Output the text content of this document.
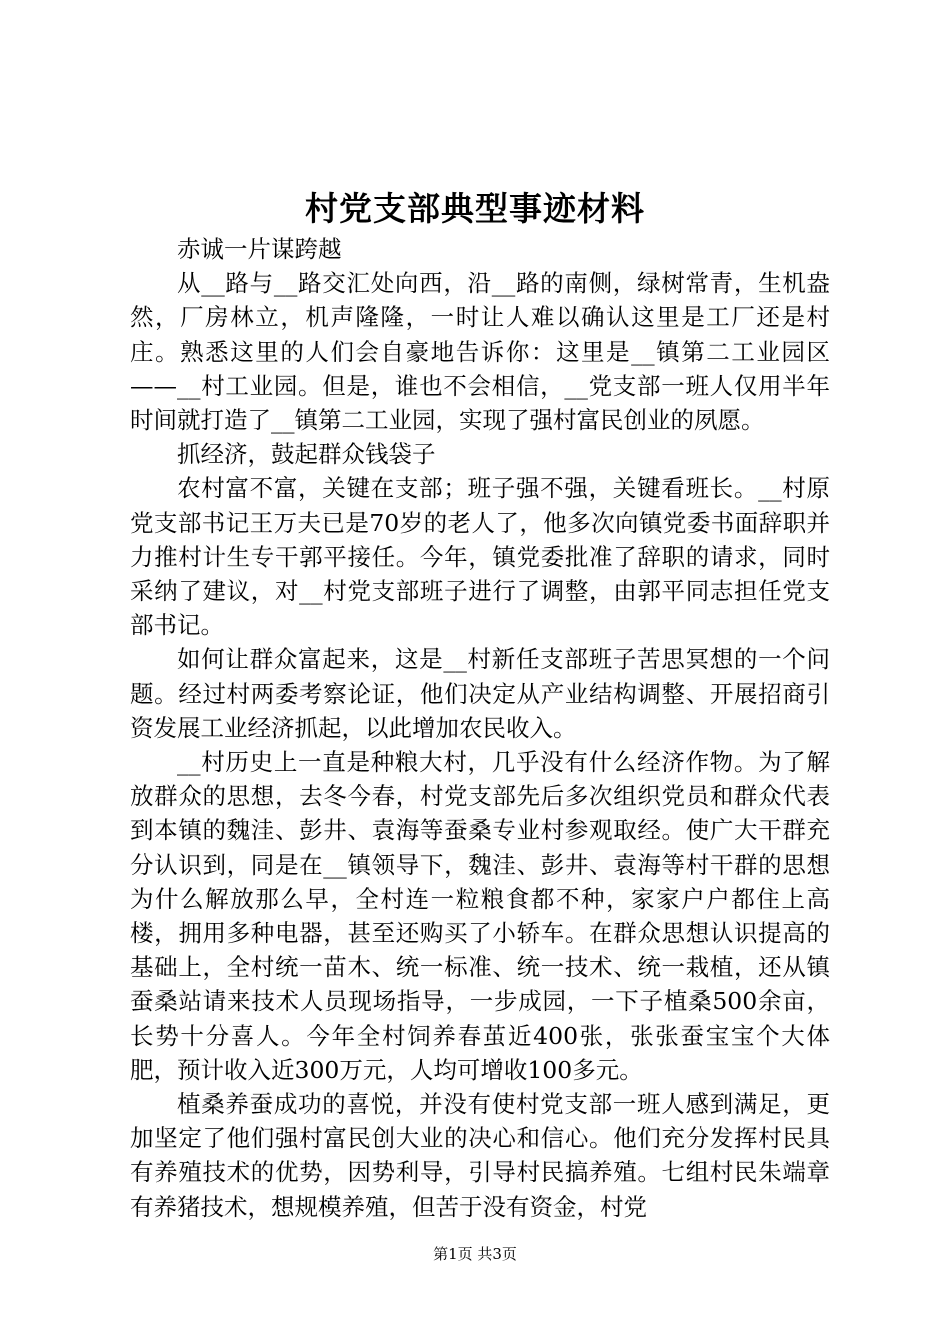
村党支部典型事迹材料

赤诚一片谋跨越

从__路与__路交汇处向西，沿__路的南侧，绿树常青，生机盎然，厂房林立，机声隆隆，一时让人难以确认这里是工厂还是村庄。熟悉这里的人们会自豪地告诉你：这里是__镇第二工业园区——__村工业园。但是，谁也不会相信，__党支部一班人仅用半年时间就打造了__镇第二工业园，实现了强村富民创业的夙愿。

抓经济，鼓起群众钱袋子

农村富不富，关键在支部；班子强不强，关键看班长。__村原党支部书记王万夫已是70岁的老人了，他多次向镇党委书面辞职并力推村计生专干郭平接任。今年，镇党委批准了辞职的请求，同时采纳了建议，对__村党支部班子进行了调整，由郭平同志担任党支部书记。

如何让群众富起来，这是__村新任支部班子苦思冥想的一个问题。经过村两委考察论证，他们决定从产业结构调整、开展招商引资发展工业经济抓起，以此增加农民收入。

__村历史上一直是种粮大村，几乎没有什么经济作物。为了解放群众的思想，去冬今春，村党支部先后多次组织党员和群众代表到本镇的魏洼、彭井、袁海等蚕桑专业村参观取经。使广大干群充分认识到，同是在__镇领导下，魏洼、彭井、袁海等村干群的思想为什么解放那么早，全村连一粒粮食都不种，家家户户都住上高楼，拥用多种电器，甚至还购买了小轿车。在群众思想认识提高的基础上，全村统一苗木、统一标准、统一技术、统一栽植，还从镇蚕桑站请来技术人员现场指导，一步成园，一下子植桑500余亩，长势十分喜人。今年全村饲养春茧近400张，张张蚕宝宝个大体肥，预计收入近300万元，人均可增收100多元。

植桑养蚕成功的喜悦，并没有使村党支部一班人感到满足，更加坚定了他们强村富民创大业的决心和信心。他们充分发挥村民具有养殖技术的优势，因势利导，引导村民搞养殖。七组村民朱端章有养猪技术，想规模养殖，但苦于没有资金，村党

第1页 共3页
